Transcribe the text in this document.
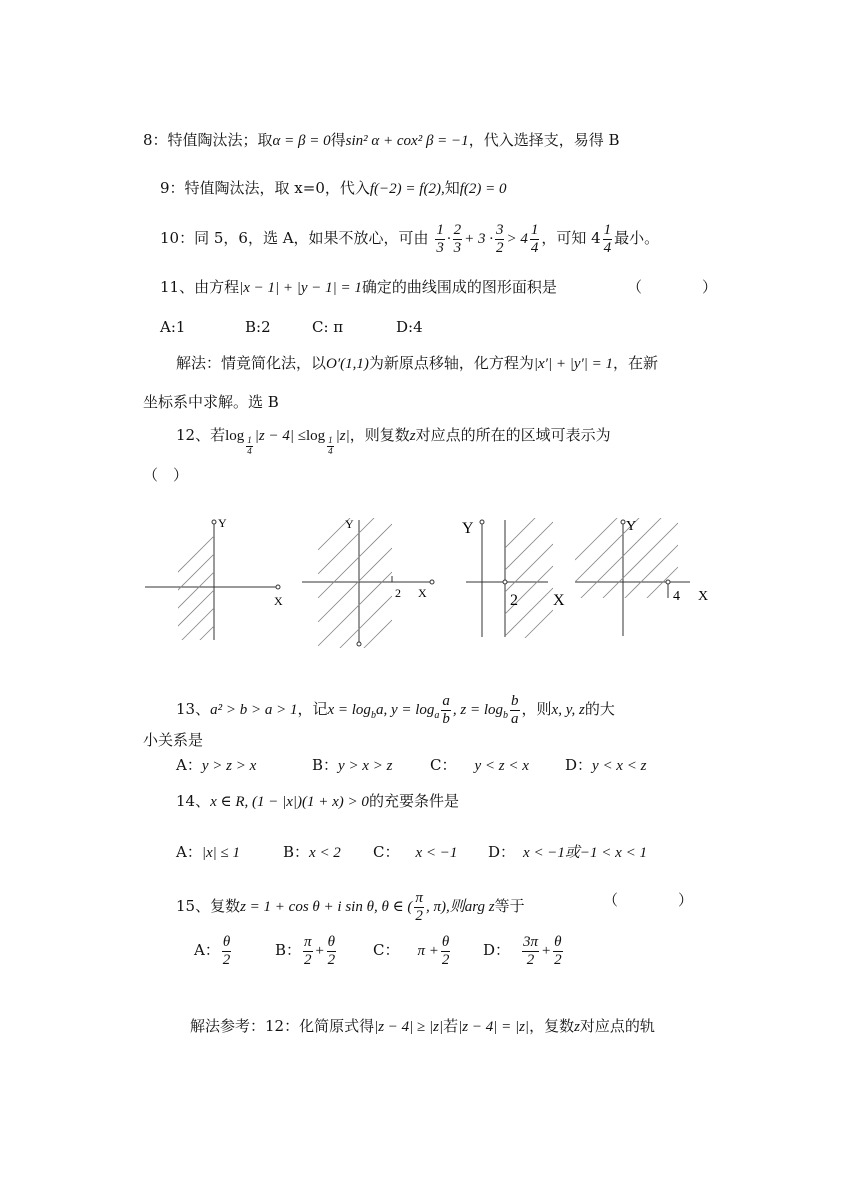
8：特值陶汰法；取α = β = 0得sin² α + cox² β = −1，代入选择支，易得 B
9：特值陶汰法，取 x=0，代入f(−2) = f(2),知f(2) = 0
10：同 5，6，选 A，如果不放心，可由 $\frac{1}{3} \cdot \frac{2}{3} + 3 \cdot \frac{3}{2} > 4 \frac{1}{4}$ ，可知 $4 \frac{1}{4}$ 最小。
11、由方程|x − 1| + |y − 1| = 1确定的曲线围成的图形面积是	（　　　　）
A:1	B:2	C: π	D:4
解法：情竟简化法，以O′(1,1)为新原点移轴，化方程为|x′| + |y′| = 1，在新
坐标系中求解。选 B
12、若log
$\frac{1}{4}$
|z − 4| ≤log
$\frac{1}{4}$
|z|，则复数z对应点的所在的区域可表示为
（　）
Y
X
Y
2 X
Y
2 X
Y
4 X
13、a² > b > a > 1，记$x = \log_ba$, $y = \log_a \frac{a}{b}$ , $z = \log_b \frac{b}{a}$ ，则x, y, z的大
小关系是
A：y > z > x	B：y > x > z	C： y < z < x D：y < x < z
14、x ∈ R, (1 − |x|)(1 + x) > 0的充要条件是
A：|x| ≤ 1	B：x < 2 C： x < −1 D： x < −1或−1 < x < 1
15、复数z = 1 + cos θ + i sin θ, θ ∈ ( $\frac{\pi}{2}$ , π),则arg z等于	（　　　　）
A： $\frac{\theta}{2}$	B： $\frac{\pi}{2} + \frac{\theta}{2}$ C： $\pi + \frac{\theta}{2}$ D： $\frac{3\pi}{2} + \frac{\theta}{2}$
解法参考：12：化简原式得|z − 4| ≥ |z|若|z − 4| = |z|，复数z对应点的轨
